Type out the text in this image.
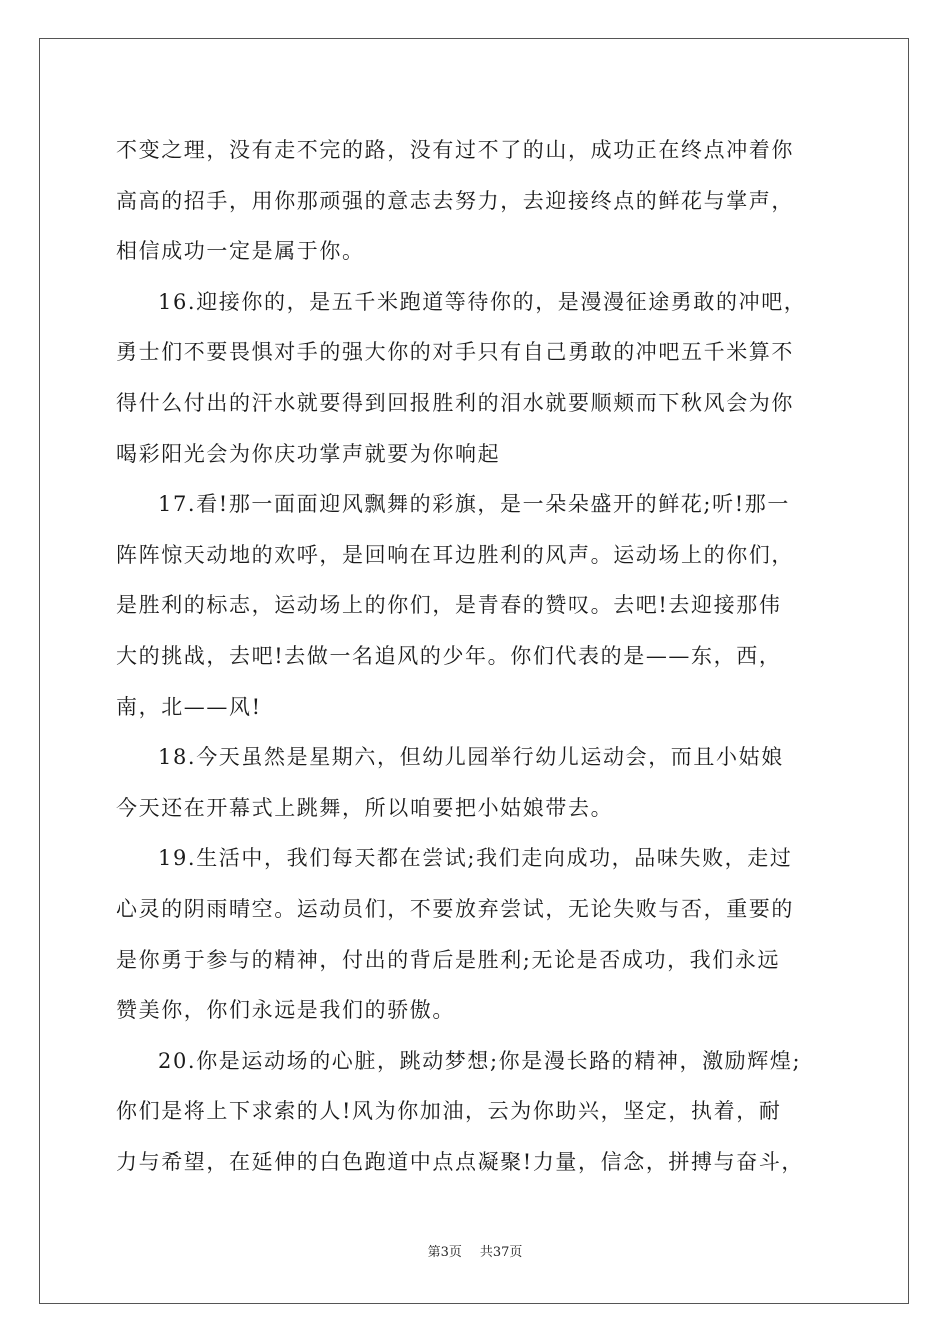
不变之理，没有走不完的路，没有过不了的山，成功正在终点冲着你
高高的招手，用你那顽强的意志去努力，去迎接终点的鲜花与掌声，
相信成功一定是属于你。
16.迎接你的，是五千米跑道等待你的，是漫漫征途勇敢的冲吧，
勇士们不要畏惧对手的强大你的对手只有自己勇敢的冲吧五千米算不
得什么付出的汗水就要得到回报胜利的泪水就要顺颊而下秋风会为你
喝彩阳光会为你庆功掌声就要为你响起
17.看!那一面面迎风飘舞的彩旗，是一朵朵盛开的鲜花;听!那一
阵阵惊天动地的欢呼，是回响在耳边胜利的风声。运动场上的你们，
是胜利的标志，运动场上的你们，是青春的赞叹。去吧!去迎接那伟
大的挑战，去吧!去做一名追风的少年。你们代表的是——东，西，
南，北——风!
18.今天虽然是星期六，但幼儿园举行幼儿运动会，而且小姑娘
今天还在开幕式上跳舞，所以咱要把小姑娘带去。
19.生活中，我们每天都在尝试;我们走向成功，品味失败，走过
心灵的阴雨晴空。运动员们，不要放弃尝试，无论失败与否，重要的
是你勇于参与的精神，付出的背后是胜利;无论是否成功，我们永远
赞美你，你们永远是我们的骄傲。
20.你是运动场的心脏，跳动梦想;你是漫长路的精神，激励辉煌;
你们是将上下求索的人!风为你加油，云为你助兴，坚定，执着，耐
力与希望，在延伸的白色跑道中点点凝聚!力量，信念，拼搏与奋斗，
第3页 共37页
